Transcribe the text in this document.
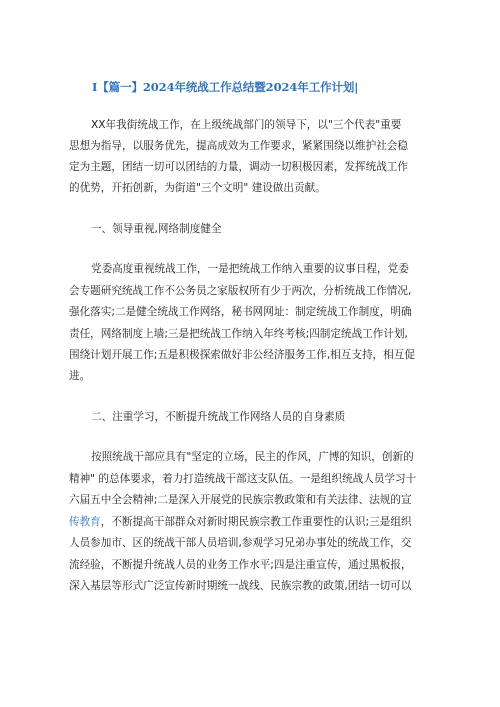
I【篇一】2024年统战工作总结暨2024年工作计划|
XX年我街统战工作，在上级统战部门的领导下，以"三个代表"重要
思想为指导，以服务优先，提高成效为工作要求，紧紧围绕以维护社会稳
定为主题，团结一切可以团结的力量，调动一切积极因素，发挥统战工作
的优势，开拓创新，为街道"三个文明" 建设做出贡献。
一、领导重视,网络制度健全
党委高度重视统战工作，一是把统战工作纳入重要的议事日程，党委
会专题研究统战工作不公务员之家版权所有少于两次，分析统战工作情况,
强化落实;二是健全统战工作网络，秘书网网址：制定统战工作制度，明确
责任，网络制度上墙;三是把统战工作纳入年终考核;四制定统战工作计划,
围绕计划开展工作;五是积极探索做好非公经济服务工作,相互支持，相互促
进。
二、注重学习，不断提升统战工作网络人员的自身素质
按照统战干部应具有"坚定的立场，民主的作风，广博的知识，创新的
精神" 的总体要求，着力打造统战干部这支队伍。一是组织统战人员学习十
六届五中全会精神;二是深入开展党的民族宗教政策和有关法律、法规的宣
传教育，不断提高干部群众对新时期民族宗教工作重要性的认识;三是组织
人员参加市、区的统战干部人员培训,参观学习兄弟办事处的统战工作，交
流经验，不断提升统战人员的业务工作水平;四是注重宣传，通过黑板报，
深入基层等形式广泛宣传新时期统一战线、民族宗教的政策,团结一切可以
